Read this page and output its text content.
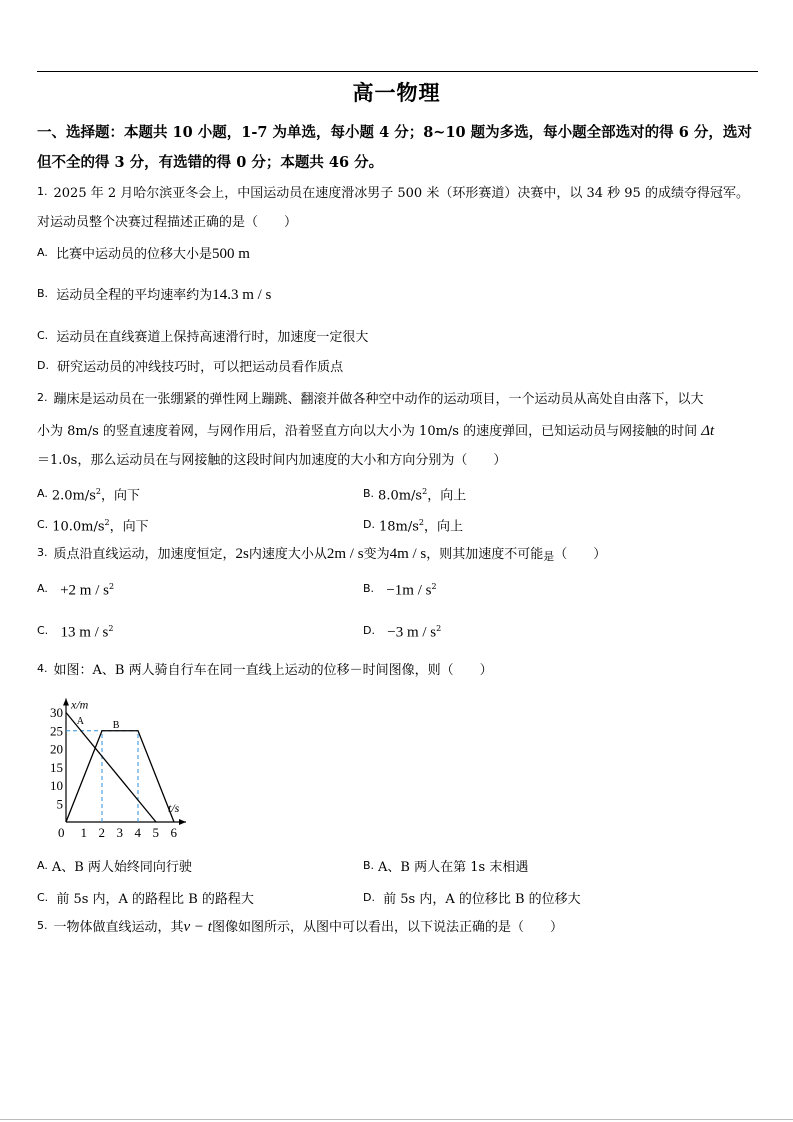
高一物理
一、选择题：本题共 10 小题，1-7 为单选，每小题 4 分；8~10 题为多选，每小题全部选对的得 6 分，选对但不全的得 3 分，有选错的得 0 分；本题共 46 分。
1. 2025 年 2 月哈尔滨亚冬会上，中国运动员在速度滑冰男子 500 米（环形赛道）决赛中，以 34 秒 95 的成绩夺得冠军。
对运动员整个决赛过程描述正确的是（　　）
A. 比赛中运动员的位移大小是500 m
B. 运动员全程的平均速率约为14.3 m / s
C. 运动员在直线赛道上保持高速滑行时，加速度一定很大
D. 研究运动员的冲线技巧时，可以把运动员看作质点
2. 蹦床是运动员在一张绷紧的弹性网上蹦跳、翻滚并做各种空中动作的运动项目，一个运动员从高处自由落下，以大
小为 8m/s 的竖直速度着网，与网作用后，沿着竖直方向以大小为 10m/s 的速度弹回，已知运动员与网接触的时间 Δt
＝1.0s，那么运动员在与网接触的这段时间内加速度的大小和方向分别为（　　）
A. $2.0m/s^2$，向下	B. $8.0m/s^2$，向上
C. $10.0m/s^2$，向下	D. $18m/s^2$，向上
3. 质点沿直线运动，加速度恒定，2s内速度大小从2m / s变为4m / s，则其加速度不可能是（　　）
A. +2 m / $s^2$	B. $-1m / s^2$
C. 13 m / $s^2$	D. −3 m / $s^2$
4. 如图：A、B 两人骑自行车在同一直线上运动的位移－时间图像，则（　　）
x/m
t/s
0 1 2 3 4 5 6
5
10
15
20
25
30
A	B
A. A、B 两人始终同向行驶	B. A、B 两人在第 1s 末相遇
C. 前 5s 内，A 的路程比 B 的路程大	D. 前 5s 内，A 的位移比 B 的位移大
5. 一物体做直线运动，其v − t图像如图所示，从图中可以看出，以下说法正确的是（　　）
